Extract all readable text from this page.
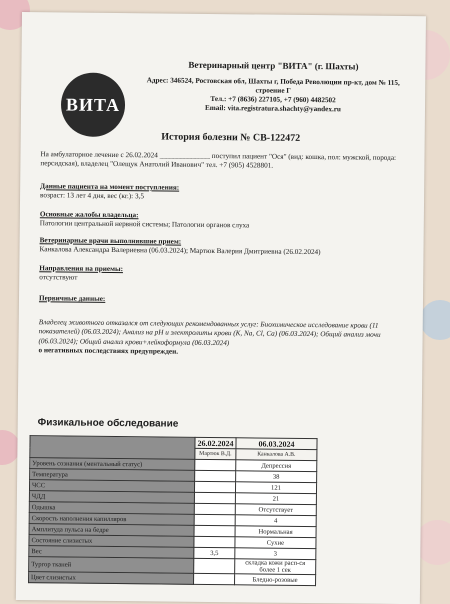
ВИТА
Ветеринарный центр "ВИТА" (г. Шахты)
Адрес: 346524, Ростовская обл, Шахты г, Победа Революции пр-кт, дом № 115, строение Г
Тел.: +7 (8636) 227105, +7 (960) 4482502
Email: vita.registratura.shachty@yandex.ru
История болезни № СВ-122472
На амбулаторное лечение с 26.02.2024 ______________ поступил пациент "Ося" (вид: кошка, пол: мужской, порода: персидская), владелец "Олещук Анатолий Иванович" тел. +7 (905) 4528801.
Данные пациента на момент поступления:
возраст: 13 лет 4 дня, вес (кг.): 3,5
Основные жалобы владельца:
Патологии центральной нервной системы; Патологии органов слуха
Ветеринарные врачи выполнявшие прием:
Канкалова Александра Валериевна (06.03.2024); Мартюк Валерия Дмитриевна (26.02.2024)
Направления на приемы:
отсутствуют
Первичные данные:
Владелец животного отказался от следующих рекомендованных услуг: Биохимическое исследование крови (11 показателей) (06.03.2024); Анализ на pH и электролиты крови (К, Na, Cl, Ca) (06.03.2024); Общий анализ мочи (06.03.2024); Общий анализ крови+лейкоформула (06.03.2024)
о негативных последствиях предупрежден.
Физикальное обследование
	26.02.2024	06.03.2024
	Мартюк В.Д.	Канкалова А.В.
Уровень сознания (ментальный статус)		Депрессия
Температура		38
ЧСС		121
ЧДД		21
Одышка		Отсутствует
Скорость наполнения капилляров		4
Амплитуда пульса на бедре		Нормальная
Состояние слизистых		Сухие
Вес	3,5	3
Тургор тканей		складка кожи расп-ся более 1 сек
Цвет слизистых		Бледно-розовые
